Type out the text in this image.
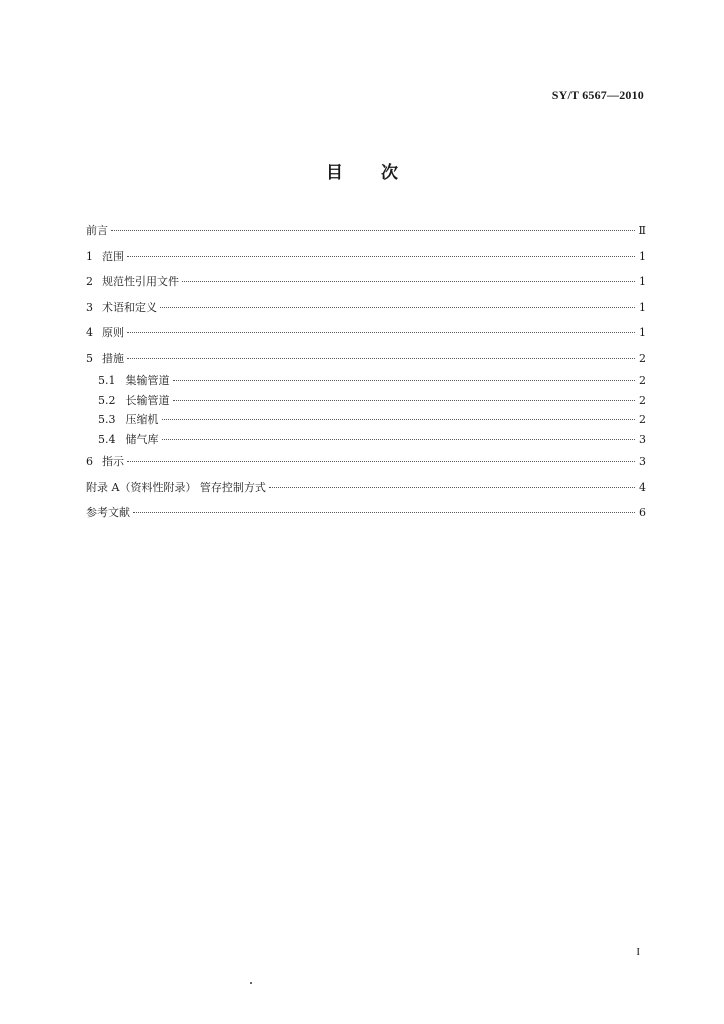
SY/T 6567—2010
目 次
前言	Ⅱ
1 范围	1
2 规范性引用文件	1
3 术语和定义	1
4 原则	1
5 措施	2
5.1 集输管道	2
5.2 长输管道	2
5.3 压缩机	2
5.4 储气库	3
6 指示	3
附录 A（资料性附录） 管存控制方式	4
参考文献	6
I
